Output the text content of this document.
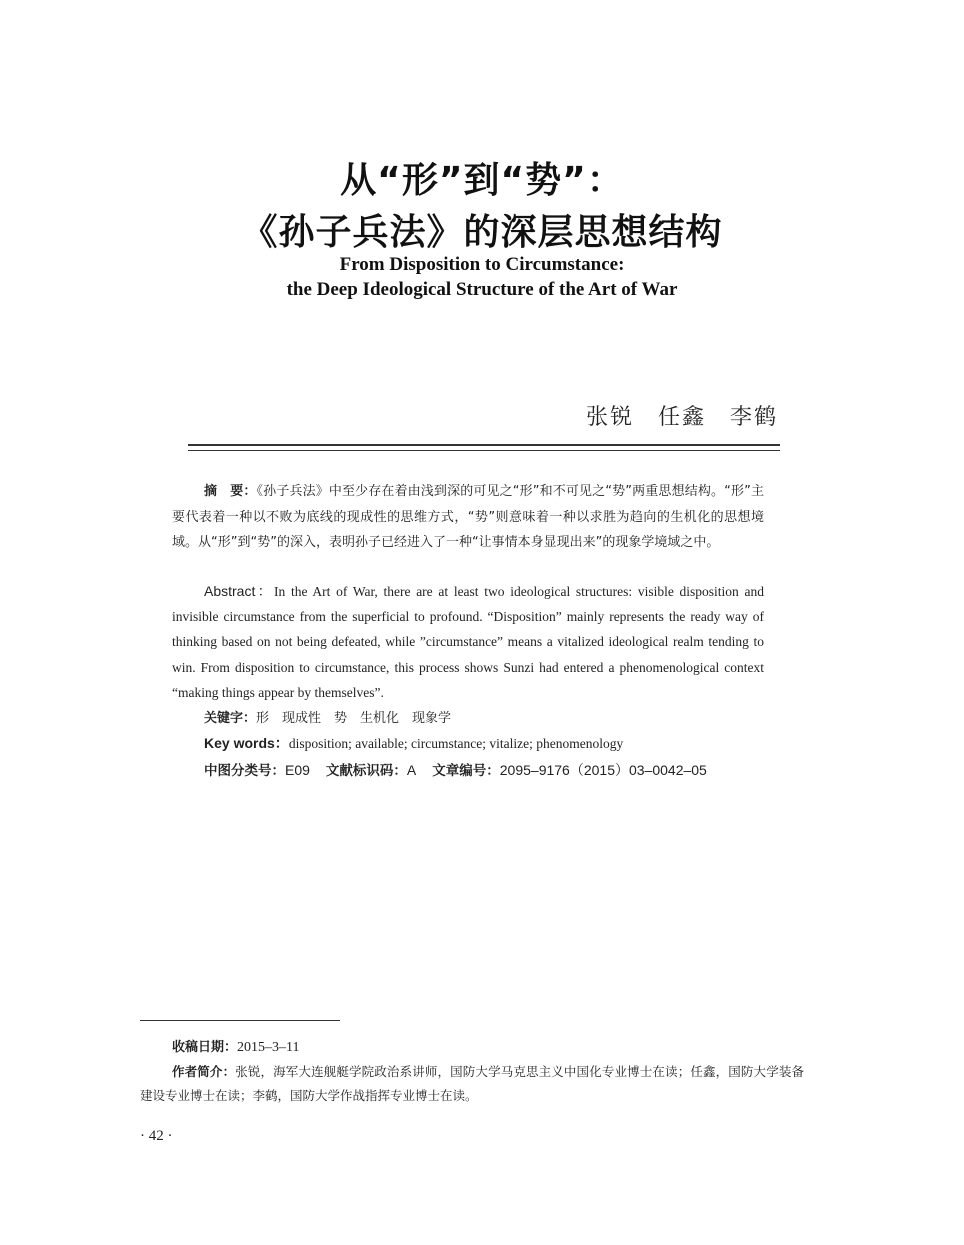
从“形”到“势”：
《孙子兵法》的深层思想结构
From Disposition to Circumstance:
the Deep Ideological Structure of the Art of War
张锐　任鑫　李鹤

摘　要：《孙子兵法》中至少存在着由浅到深的可见之“形”和不可见之“势”两重思想结构。“形”主要代表着一种以不败为底线的现成性的思维方式，“势”则意味着一种以求胜为趋向的生机化的思想境域。从“形”到“势”的深入，表明孙子已经进入了一种“让事情本身显现出来”的现象学境域之中。

Abstract：In the Art of War, there are at least two ideological structures: visible disposition and invisible circumstance from the superficial to profound. “Disposition” mainly represents the ready way of thinking based on not being defeated, while ”circumstance” means a vitalized ideological realm tending to win. From disposition to circumstance, this process shows Sunzi had entered a phenomenological context “making things appear by themselves”.

关键字：形　现成性　势　生机化　现象学

Key words：disposition; available; circumstance; vitalize; phenomenology

中图分类号：E09 文献标识码：A 文章编号：2095–9176（2015）03–0042–05

收稿日期：2015–3–11

作者简介：张锐，海军大连舰艇学院政治系讲师，国防大学马克思主义中国化专业博士在读；任鑫，国防大学装备建设专业博士在读；李鹤，国防大学作战指挥专业博士在读。

· 42 ·
